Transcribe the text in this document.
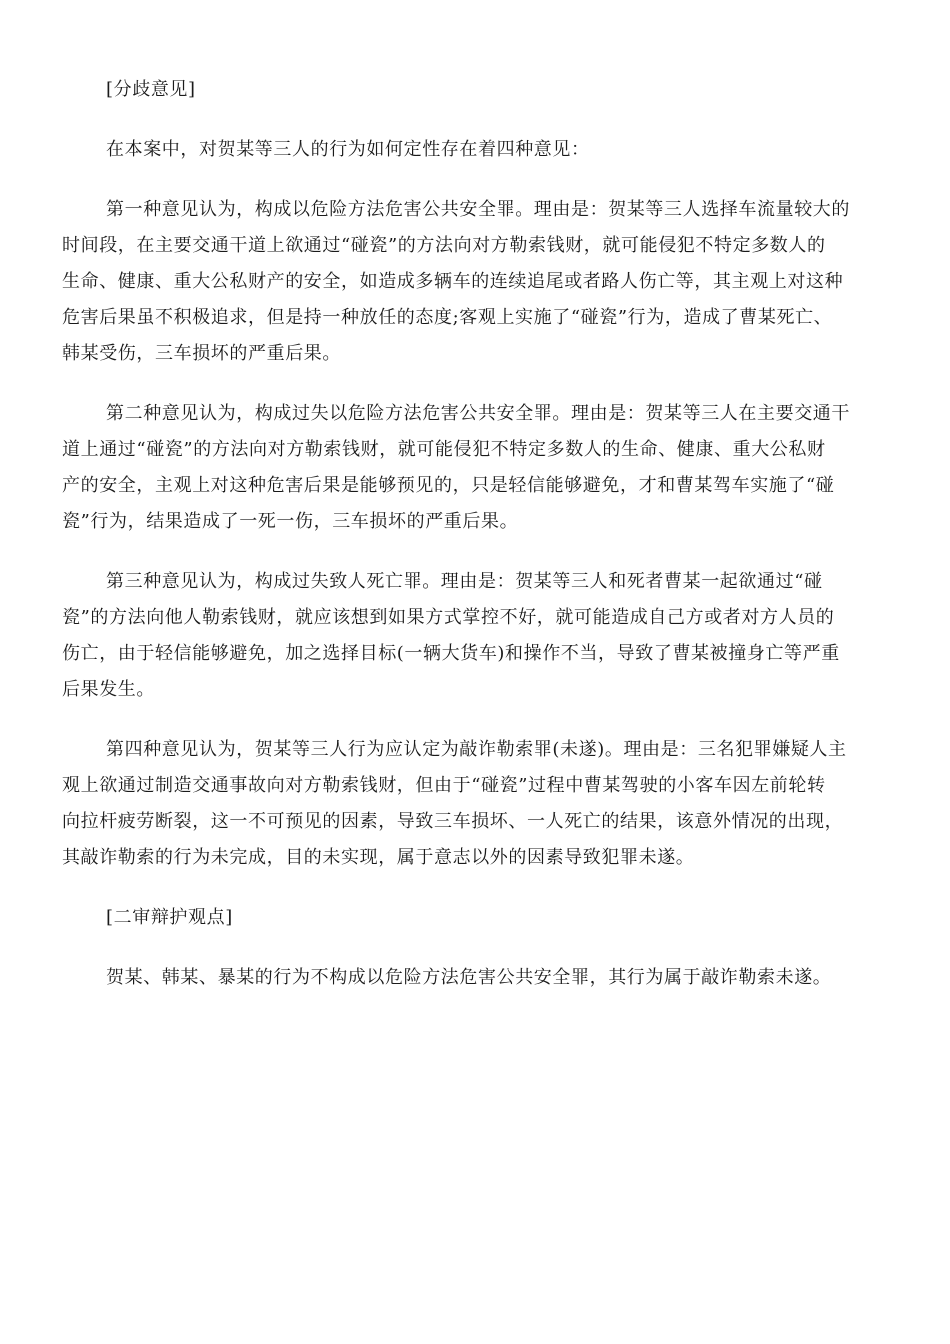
[分歧意见]
在本案中，对贺某等三人的行为如何定性存在着四种意见：
第一种意见认为，构成以危险方法危害公共安全罪。理由是：贺某等三人选择车流量较大的
时间段，在主要交通干道上欲通过“碰瓷”的方法向对方勒索钱财，就可能侵犯不特定多数人的
生命、健康、重大公私财产的安全，如造成多辆车的连续追尾或者路人伤亡等，其主观上对这种
危害后果虽不积极追求，但是持一种放任的态度;客观上实施了“碰瓷”行为，造成了曹某死亡、
韩某受伤，三车损坏的严重后果。
第二种意见认为，构成过失以危险方法危害公共安全罪。理由是：贺某等三人在主要交通干
道上通过“碰瓷”的方法向对方勒索钱财，就可能侵犯不特定多数人的生命、健康、重大公私财
产的安全，主观上对这种危害后果是能够预见的，只是轻信能够避免，才和曹某驾车实施了“碰
瓷”行为，结果造成了一死一伤，三车损坏的严重后果。
第三种意见认为，构成过失致人死亡罪。理由是：贺某等三人和死者曹某一起欲通过“碰
瓷”的方法向他人勒索钱财，就应该想到如果方式掌控不好，就可能造成自己方或者对方人员的
伤亡，由于轻信能够避免，加之选择目标(一辆大货车)和操作不当，导致了曹某被撞身亡等严重
后果发生。
第四种意见认为，贺某等三人行为应认定为敲诈勒索罪(未遂)。理由是：三名犯罪嫌疑人主
观上欲通过制造交通事故向对方勒索钱财，但由于“碰瓷”过程中曹某驾驶的小客车因左前轮转
向拉杆疲劳断裂，这一不可预见的因素，导致三车损坏、一人死亡的结果，该意外情况的出现，
其敲诈勒索的行为未完成，目的未实现，属于意志以外的因素导致犯罪未遂。
[二审辩护观点]
贺某、韩某、暴某的行为不构成以危险方法危害公共安全罪，其行为属于敲诈勒索未遂。
